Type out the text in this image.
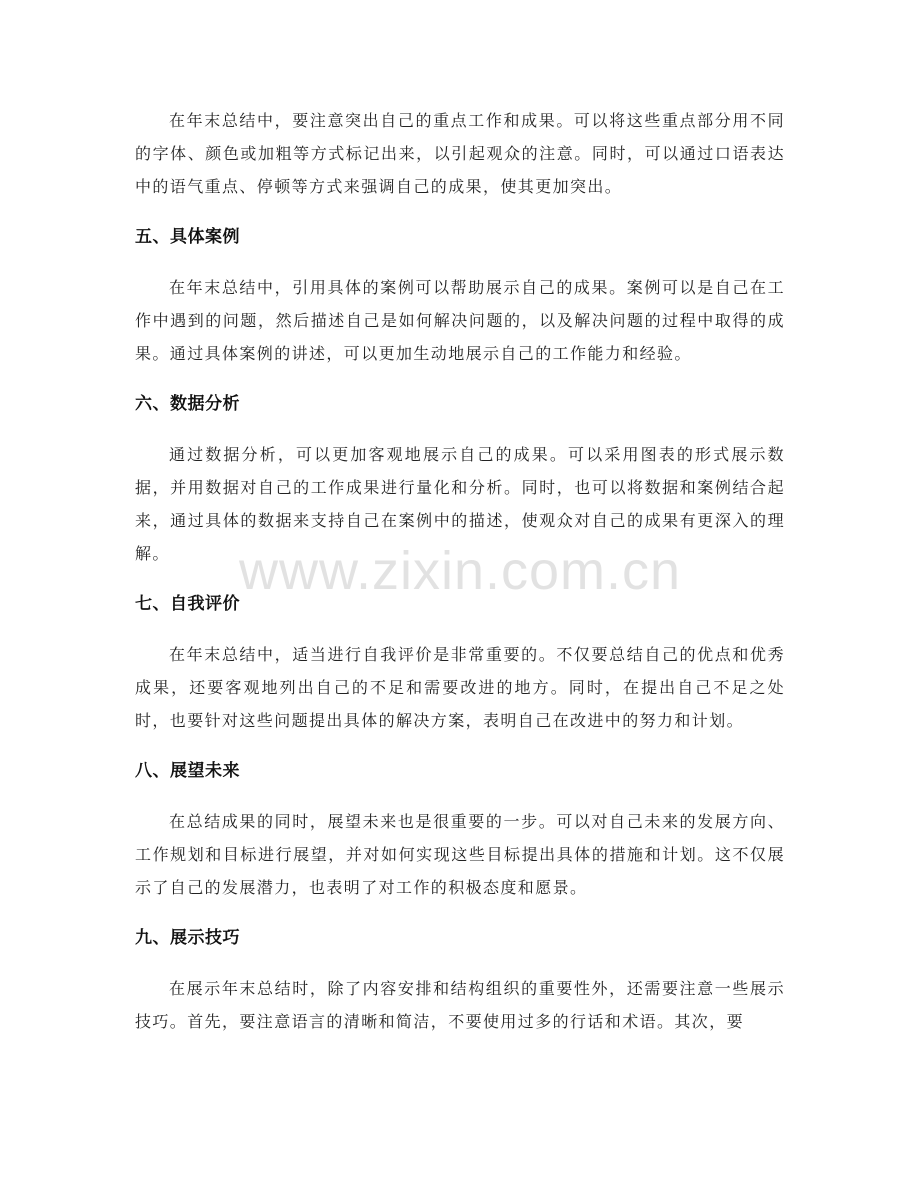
在年末总结中，要注意突出自己的重点工作和成果。可以将这些重点部分用不同的字体、颜色或加粗等方式标记出来，以引起观众的注意。同时，可以通过口语表达中的语气重点、停顿等方式来强调自己的成果，使其更加突出。

五、具体案例

在年末总结中，引用具体的案例可以帮助展示自己的成果。案例可以是自己在工作中遇到的问题，然后描述自己是如何解决问题的，以及解决问题的过程中取得的成果。通过具体案例的讲述，可以更加生动地展示自己的工作能力和经验。

六、数据分析

通过数据分析，可以更加客观地展示自己的成果。可以采用图表的形式展示数据，并用数据对自己的工作成果进行量化和分析。同时，也可以将数据和案例结合起来，通过具体的数据来支持自己在案例中的描述，使观众对自己的成果有更深入的理解。

七、自我评价

在年末总结中，适当进行自我评价是非常重要的。不仅要总结自己的优点和优秀成果，还要客观地列出自己的不足和需要改进的地方。同时，在提出自己不足之处时，也要针对这些问题提出具体的解决方案，表明自己在改进中的努力和计划。

八、展望未来

在总结成果的同时，展望未来也是很重要的一步。可以对自己未来的发展方向、工作规划和目标进行展望，并对如何实现这些目标提出具体的措施和计划。这不仅展示了自己的发展潜力，也表明了对工作的积极态度和愿景。

九、展示技巧

在展示年末总结时，除了内容安排和结构组织的重要性外，还需要注意一些展示技巧。首先，要注意语言的清晰和简洁，不要使用过多的行话和术语。其次，要

www.zixin.com.cn
